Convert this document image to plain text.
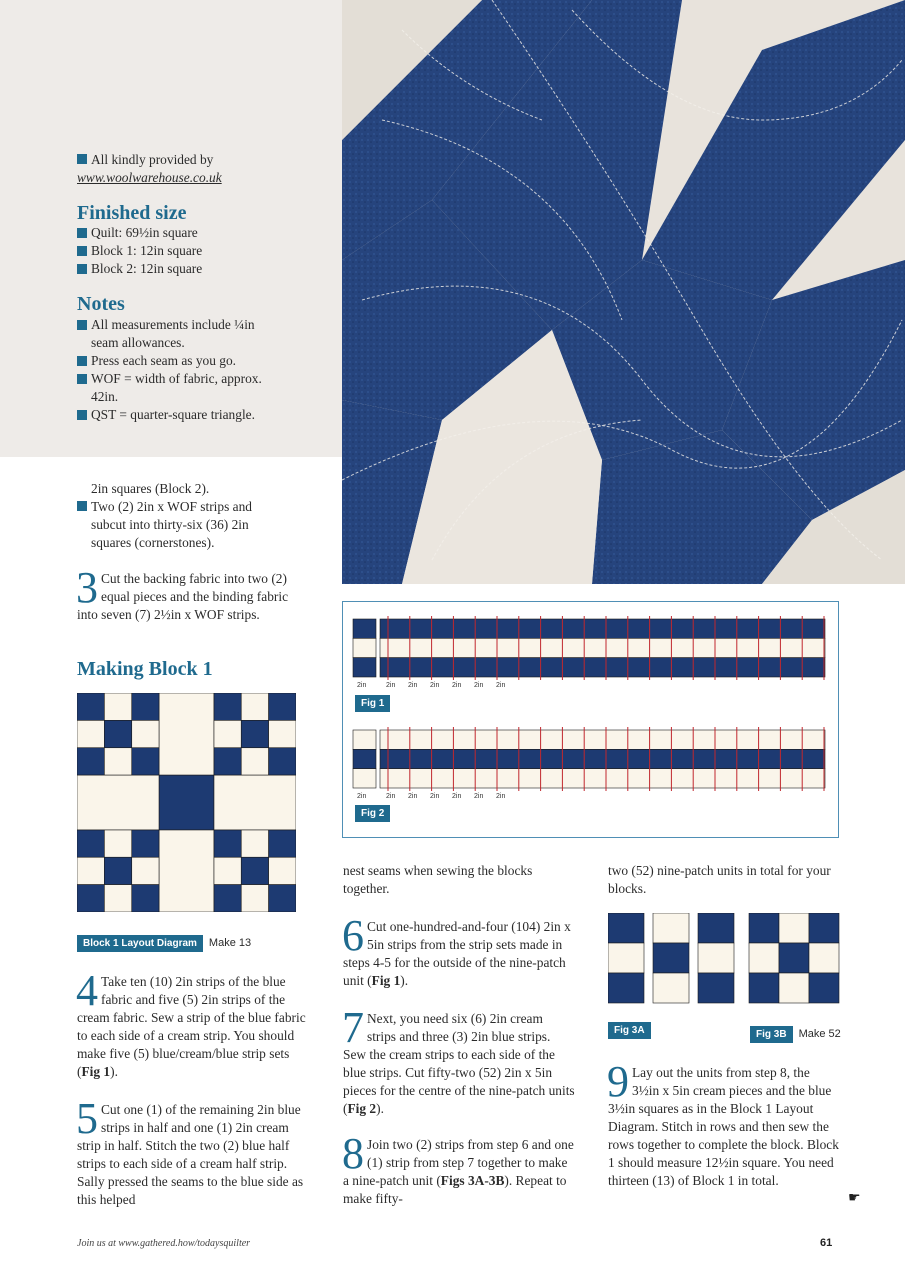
All kindly provided by
www.woolwarehouse.co.uk
Finished size
Quilt: 69½in square
Block 1: 12in square
Block 2: 12in square
Notes
All measurements include ¼in
seam allowances.
Press each seam as you go.
WOF = width of fabric, approx.
42in.
QST = quarter-square triangle.
2in squares (Block 2).
Two (2) 2in x WOF strips and
subcut into thirty-six (36) 2in
squares (cornerstones).

3 Cut the backing fabric into two (2) equal pieces and the binding fabric into seven (7) 2½in x WOF strips.

Making Block 1
Block 1 Layout Diagram Make 13

4 Take ten (10) 2in strips of the blue fabric and five (5) 2in strips of the cream fabric. Sew a strip of the blue fabric to each side of a cream strip. You should make five (5) blue/cream/blue strip sets (Fig 1).

5 Cut one (1) of the remaining 2in blue strips in half and one (1) 2in cream strip in half. Stitch the two (2) blue half strips to each side of a cream half strip. Sally pressed the seams to the blue side as this helped

2in	2in 2in 2in 2in 2in 2in
2in	2in 2in 2in 2in 2in 2in
Fig 1
Fig 2

nest seams when sewing the blocks together.

6 Cut one-hundred-and-four (104) 2in x 5in strips from the strip sets made in steps 4-5 for the outside of the nine-patch unit (Fig 1).

7 Next, you need six (6) 2in cream strips and three (3) 2in blue strips. Sew the cream strips to each side of the blue strips. Cut fifty-two (52) 2in x 5in pieces for the centre of the nine-patch units (Fig 2).

8 Join two (2) strips from step 6 and one (1) strip from step 7 together to make a nine-patch unit (Figs 3A-3B). Repeat to make fifty-

two (52) nine-patch units in total for your blocks.

Fig 3A	Fig 3B Make 52

9 Lay out the units from step 8, the 3½in x 5in cream pieces and the blue 3½in squares as in the Block 1 Layout Diagram. Stitch in rows and then sew the rows together to complete the block. Block 1 should measure 12½in square. You need thirteen (13) of Block 1 in total.

☛
Join us at www.gathered.how/todaysquilter	61
